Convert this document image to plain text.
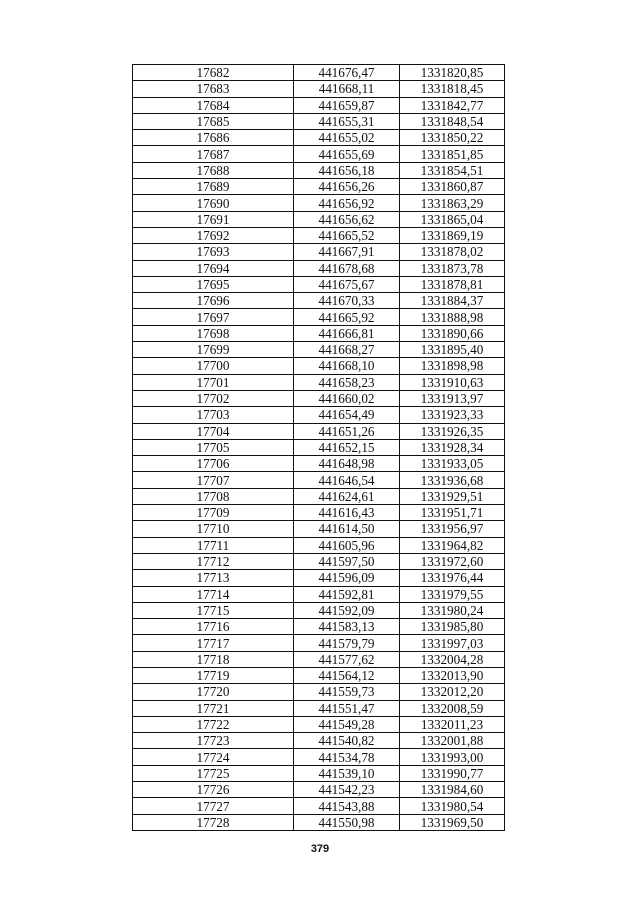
17682	441676,47	1331820,85
17683	441668,11	1331818,45
17684	441659,87	1331842,77
17685	441655,31	1331848,54
17686	441655,02	1331850,22
17687	441655,69	1331851,85
17688	441656,18	1331854,51
17689	441656,26	1331860,87
17690	441656,92	1331863,29
17691	441656,62	1331865,04
17692	441665,52	1331869,19
17693	441667,91	1331878,02
17694	441678,68	1331873,78
17695	441675,67	1331878,81
17696	441670,33	1331884,37
17697	441665,92	1331888,98
17698	441666,81	1331890,66
17699	441668,27	1331895,40
17700	441668,10	1331898,98
17701	441658,23	1331910,63
17702	441660,02	1331913,97
17703	441654,49	1331923,33
17704	441651,26	1331926,35
17705	441652,15	1331928,34
17706	441648,98	1331933,05
17707	441646,54	1331936,68
17708	441624,61	1331929,51
17709	441616,43	1331951,71
17710	441614,50	1331956,97
17711	441605,96	1331964,82
17712	441597,50	1331972,60
17713	441596,09	1331976,44
17714	441592,81	1331979,55
17715	441592,09	1331980,24
17716	441583,13	1331985,80
17717	441579,79	1331997,03
17718	441577,62	1332004,28
17719	441564,12	1332013,90
17720	441559,73	1332012,20
17721	441551,47	1332008,59
17722	441549,28	1332011,23
17723	441540,82	1332001,88
17724	441534,78	1331993,00
17725	441539,10	1331990,77
17726	441542,23	1331984,60
17727	441543,88	1331980,54
17728	441550,98	1331969,50
379
